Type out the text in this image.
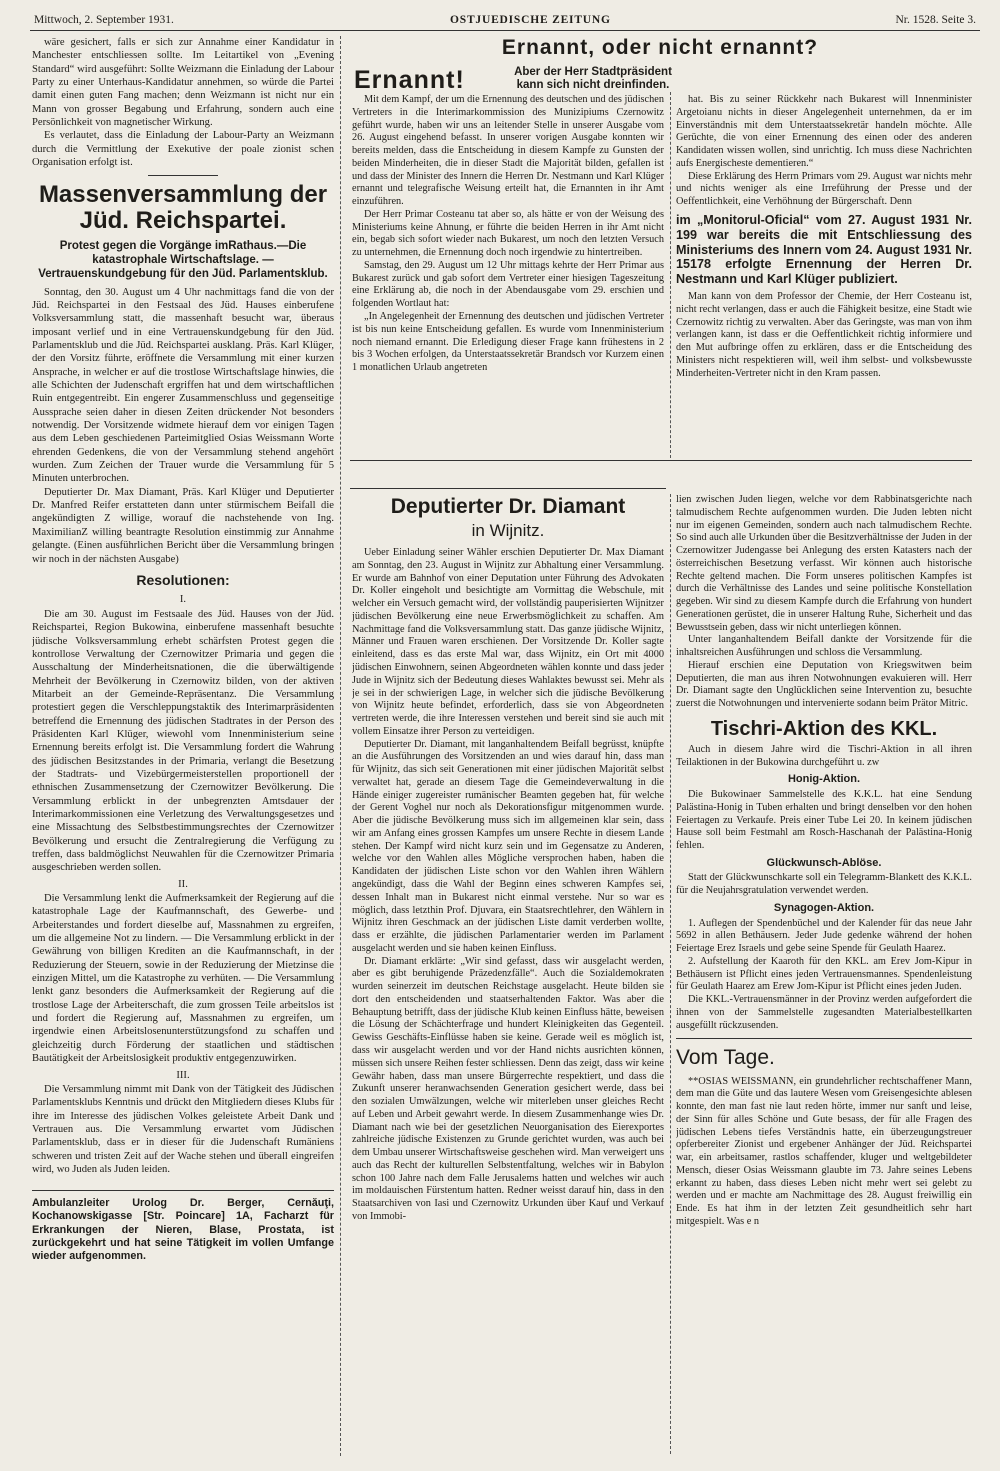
Mittwoch, 2. September 1931.	OSTJUEDISCHE ZEITUNG	Nr. 1528. Seite 3.

wäre gesichert, falls er sich zur Annahme einer Kandidatur in Manchester entschliessen sollte. Im Leitartikel von „Evening Standard“ wird ausgeführt: Sollte Weizmann die Einladung der Labour Party zu einer Unterhaus-Kandidatur annehmen, so würde die Partei damit einen guten Fang machen; denn Weizmann ist nicht nur ein Mann von grosser Begabung und Erfahrung, sondern auch eine Persönlichkeit von magnetischer Wirkung.

Es verlautet, dass die Einladung der Labour-Party an Weizmann durch die Vermittlung der Exekutive der poale zionist schen Organisation erfolgt ist.

Massenversammlung der Jüd. Reichspartei.
Protest gegen die Vorgänge imRathaus.—Die katastrophale Wirtschaftslage. — Vertrauenskundgebung für den Jüd. Parlamentsklub.

Sonntag, den 30. August um 4 Uhr nachmittags fand die von der Jüd. Reichspartei in den Festsaal des Jüd. Hauses einberufene Volksversammlung statt, die massenhaft besucht war, überaus imposant verlief und in eine Vertrauenskundgebung für den Jüd. Parlamentsklub und die Jüd. Reichspartei ausklang. Präs. Karl Klüger, der den Vorsitz führte, eröffnete die Versammlung mit einer kurzen Ansprache, in welcher er auf die trostlose Wirtschaftslage hinwies, die alle Schichten der Judenschaft ergriffen hat und dem wirtschaftlichen Ruin entgegentreibt. Ein engerer Zusammenschluss und gegenseitige Aussprache seien daher in diesen Zeiten drückender Not besonders notwendig. Der Vorsitzende widmete hierauf dem vor einigen Tagen aus dem Leben geschiedenen Parteimitglied Osias Weissmann Worte ehrenden Gedenkens, die von der Versammlung stehend angehört wurden. Zum Zeichen der Trauer wurde die Versammlung für 5 Minuten unterbrochen.

Deputierter Dr. Max Diamant, Präs. Karl Klüger und Deputierter Dr. Manfred Reifer erstatteten dann unter stürmischem Beifall die angekündigten Z willige, worauf die nachstehende von Ing. MaximilianZ willing beantragte Resolution einstimmig zur Annahme gelangte. (Einen ausführlichen Bericht über die Versammlung bringen wir noch in der nächsten Ausgabe)

Resolutionen:

I.

Die am 30. August im Festsaale des Jüd. Hauses von der Jüd. Reichspartei, Region Bukowina, einberufene massenhaft besuchte jüdische Volksversammlung erhebt schärfsten Protest gegen die kontrollose Verwaltung der Czernowitzer Primaria und gegen die Ausschaltung der Minderheitsnationen, die die überwältigende Mehrheit der Bevölkerung in Czernowitz bilden, von der aktiven Mitarbeit an der Gemeinde-Repräsentanz. Die Versammlung protestiert gegen die Verschleppungstaktik des Interimarpräsidenten betreffend die Ernennung des jüdischen Stadtrates in der Person des Präsidenten Karl Klüger, wiewohl vom Innenministerium seine Ernennung bereits erfolgt ist. Die Versammlung fordert die Wahrung des jüdischen Besitzstandes in der Primaria, verlangt die Besetzung der Stadtrats- und Vizebürgermeisterstellen proportionell der ethnischen Zusammensetzung der Czernowitzer Bevölkerung. Die Versammlung erblickt in der unbegrenzten Amtsdauer der Interimarkommissionen eine Verletzung des Verwaltungsgesetzes und eine Missachtung des Selbstbestimmungsrechtes der Czernowitzer Bevölkerung und ersucht die Zentralregierung die Verfügung zu treffen, dass baldmöglichst Neuwahlen für die Czernowitzer Primaria ausgeschrieben werden sollen.

II.

Die Versammlung lenkt die Aufmerksamkeit der Regierung auf die katastrophale Lage der Kaufmannschaft, des Gewerbe- und Arbeiterstandes und fordert dieselbe auf, Massnahmen zu ergreifen, um die allgemeine Not zu lindern. — Die Versammlung erblickt in der Gewährung von billigen Krediten an die Kaufmannschaft, in der Reduzierung der Steuern, sowie in der Reduzierung der Mietzinse die einzigen Mittel, um die Katastrophe zu verhüten. — Die Versammlung lenkt ganz besonders die Aufmerksamkeit der Regierung auf die trostlose Lage der Arbeiterschaft, die zum grossen Teile arbeitslos ist und fordert die Regierung auf, Massnahmen zu ergreifen, um irgendwie einen Arbeitslosenunterstützungsfond zu schaffen und gleichzeitig durch Förderung der staatlichen und städtischen Bautätigkeit der Arbeitslosigkeit produktiv entgegenzuwirken.

III.

Die Versammlung nimmt mit Dank von der Tätigkeit des Jüdischen Parlamentsklubs Kenntnis und drückt den Mitgliedern dieses Klubs für ihre im Interesse des jüdischen Volkes geleistete Arbeit Dank und Vertrauen aus. Die Versammlung erwartet vom Jüdischen Parlamentsklub, dass er in dieser für die Judenschaft Rumäniens schweren und tristen Zeit auf der Wache stehen und überall eingreifen wird, wo Juden als Juden leiden.

Ambulanzleiter Urolog Dr. Berger, Cernăuţi, Kochanowskigasse [Str. Poincare] 1A, Facharzt für Erkrankungen der Nieren, Blase, Prostata, ist zurückgekehrt und hat seine Tätigkeit im vollen Umfange wieder aufgenommen.

Ernannt, oder nicht ernannt?
Ernannt!	Aber der Herr Stadtpräsident kann sich nicht dreinfinden.

Mit dem Kampf, der um die Ernennung des deutschen und des jüdischen Vertreters in die Interimarkommission des Munizipiums Czernowitz geführt wurde, haben wir uns an leitender Stelle in unserer Ausgabe vom 26. August eingehend befasst. In unserer vorigen Ausgabe konnten wir bereits melden, dass die Entscheidung in diesem Kampfe zu Gunsten der beiden Minderheiten, die in dieser Stadt die Majorität bilden, gefallen ist und dass der Minister des Innern die Herren Dr. Nestmann und Karl Klüger ernannt und telegrafische Weisung erteilt hat, die Ernannten in ihr Amt einzuführen.

Der Herr Primar Costeanu tat aber so, als hätte er von der Weisung des Ministeriums keine Ahnung, er führte die beiden Herren in ihr Amt nicht ein, begab sich sofort wieder nach Bukarest, um noch den letzten Versuch zu unternehmen, die Ernennung doch noch irgendwie zu hintertreiben.

Samstag, den 29. August um 12 Uhr mittags kehrte der Herr Primar aus Bukarest zurück und gab sofort dem Vertreter einer hiesigen Tageszeitung eine Erklärung ab, die noch in der Abendausgabe vom 29. erschien und folgenden Wortlaut hat:

„In Angelegenheit der Ernennung des deutschen und jüdischen Vertreter ist bis nun keine Entscheidung gefallen. Es wurde vom Innenministerium noch niemand ernannt. Die Erledigung dieser Frage kann frühestens in 2 bis 3 Wochen erfolgen, da Unterstaatssekretär Brandsch vor Kurzem einen 1 monatlichen Urlaub angetreten

hat. Bis zu seiner Rückkehr nach Bukarest will Innenminister Argetoianu nichts in dieser Angelegenheit unternehmen, da er im Einverständnis mit dem Unterstaatssekretär handeln möchte. Alle Gerüchte, die von einer Ernennung des einen oder des anderen Kandidaten wissen wollen, sind unrichtig. Ich muss diese Nachrichten aufs Energischeste dementieren.“

Diese Erklärung des Herrn Primars vom 29. August war nichts mehr und nichts weniger als eine Irreführung der Presse und der Oeffentlichkeit, eine Verhöhnung der Bürgerschaft. Denn

im „Monitorul-Oficial“ vom 27. August 1931 Nr. 199 war bereits die mit Entschliessung des Ministeriums des Innern vom 24. August 1931 Nr. 15178 erfolgte Ernennung der Herren Dr. Nestmann und Karl Klüger publiziert.

Man kann von dem Professor der Chemie, der Herr Costeanu ist, nicht recht verlangen, dass er auch die Fähigkeit besitze, eine Stadt wie Czernowitz richtig zu verwalten. Aber das Geringste, was man von ihm verlangen kann, ist dass er die Oeffentlichkeit richtig informiere und den Mut aufbringe offen zu erklären, dass er die Entscheidung des Ministers nicht respektieren will, weil ihm selbst- und volksbewusste Minderheiten-Vertreter nicht in den Kram passen.

Deputierter Dr. Diamant
in Wijnitz.

Ueber Einladung seiner Wähler erschien Deputierter Dr. Max Diamant am Sonntag, den 23. August in Wijnitz zur Abhaltung einer Versammlung. Er wurde am Bahnhof von einer Deputation unter Führung des Advokaten Dr. Koller eingeholt und besichtigte am Vormittag die Webschule, mit welcher ein Versuch gemacht wird, der vollständig pauperisierten Wijnitzer jüdischen Bevölkerung eine neue Erwerbsmöglichkeit zu schaffen. Am Nachmittage fand die Volksversammlung statt. Das ganze jüdische Wijnitz, Männer und Frauen waren erschienen. Der Vorsitzende Dr. Koller sagte einleitend, dass es das erste Mal war, dass Wijnitz, ein Ort mit 4000 jüdischen Einwohnern, seinen Abgeordneten wählen konnte und dass jeder Jude in Wijnitz sich der Bedeutung dieses Wahlaktes bewusst sei. Mehr als je sei in der schwierigen Lage, in welcher sich die jüdische Bevölkerung von Wijnitz heute befindet, erforderlich, dass sie von Abgeordneten vertreten werde, die ihre Interessen verstehen und bereit sind sie auch mit vollem Einsatze ihrer Person zu verteidigen.

Deputierter Dr. Diamant, mit langanhaltendem Beifall begrüsst, knüpfte an die Ausführungen des Vorsitzenden an und wies darauf hin, dass man für Wijnitz, das sich seit Generationen mit einer jüdischen Majorität selbst verwaltet hat, gerade an diesem Tage die Gemeindeverwaltung in die Hände einiger zugereister rumänischer Beamten gegeben hat, für welche der Gerent Voghel nur noch als Dekorationsfigur mitgenommen wurde. Aber die jüdische Bevölkerung muss sich im allgemeinen klar sein, dass wir am Anfang eines grossen Kampfes um unsere Rechte in diesem Lande stehen. Der Kampf wird nicht kurz sein und im Gegensatze zu Anderen, welche vor den Wahlen alles Mögliche versprochen haben, haben die Kandidaten der jüdischen Liste schon vor den Wahlen ihren Wählern angekündigt, dass die Wahl der Beginn eines schweren Kampfes sei, dessen Inhalt man in Bukarest nicht einmal verstehe. Nur so war es möglich, dass letzthin Prof. Djuvara, ein Staatsrechtlehrer, den Wählern in Wijnitz ihren Geschmack an der jüdischen Liste damit verderben wollte, dass er erzählte, die jüdischen Parlamentarier werden im Parlament ausgelacht werden und sie haben keinen Einfluss.

Dr. Diamant erklärte: „Wir sind gefasst, dass wir ausgelacht werden, aber es gibt beruhigende Präzedenzfälle“. Auch die Sozialdemokraten wurden seinerzeit im deutschen Reichstage ausgelacht. Heute bilden sie dort den entscheidenden und staatserhaltenden Faktor. Was aber die Behauptung betrifft, dass der jüdische Klub keinen Einfluss hätte, beweisen die Lösung der Schächterfrage und hundert Kleinigkeiten das Gegenteil. Gewiss Geschäfts-Einflüsse haben sie keine. Gerade weil es möglich ist, dass wir ausgelacht werden und vor der Hand nichts ausrichten können, müssen sich unsere Reihen fester schliessen. Denn das zeigt, dass wir keine Gewähr haben, dass man unsere Bürgerrechte respektiert, und dass die Zukunft unserer heranwachsenden Generation gesichert werde, dass bei den sozialen Umwälzungen, welche wir miterleben unser gleiches Recht auf Leben und Arbeit gewahrt werde. In diesem Zusammenhange wies Dr. Diamant nach wie bei der gesetzlichen Neuorganisation des Eierexportes zahlreiche jüdische Existenzen zu Grunde gerichtet wurden, was auch bei dem Umbau unserer Wirtschaftsweise geschehen wird. Man verweigert uns auch das Recht der kulturellen Selbstentfaltung, welches wir in Babylon schon 100 Jahre nach dem Falle Jerusalems hatten und welches wir auch im moldauischen Fürstentum hatten. Redner weisst darauf hin, dass in den Staatsarchiven von Iasi und Czernowitz Urkunden über Kauf und Verkauf von Immobi-

lien zwischen Juden liegen, welche vor dem Rabbinatsgerichte nach talmudischem Rechte aufgenommen wurden. Die Juden lebten nicht nur im eigenen Gemeinden, sondern auch nach talmudischem Rechte. So sind auch alle Urkunden über die Besitzverhältnisse der Juden in der Czernowitzer Judengasse bei Anlegung des ersten Katasters nach der österreichischen Besetzung verfasst. Wir können auch historische Rechte geltend machen. Die Form unseres politischen Kampfes ist durch die Verhältnisse des Landes und seine politische Konstellation gegeben. Wir sind zu diesem Kampfe durch die Erfahrung von hundert Generationen gerüstet, die in unserer Haltung Ruhe, Sicherheit und das Bewusstsein geben, dass wir nicht unterliegen können.

Unter langanhaltendem Beifall dankte der Vorsitzende für die inhaltsreichen Ausführungen und schloss die Versammlung.

Hierauf erschien eine Deputation von Kriegswitwen beim Deputierten, die man aus ihren Notwohnungen evakuieren will. Herr Dr. Diamant sagte den Unglücklichen seine Intervention zu, besuchte zuerst die Notwohnungen und intervenierte sodann beim Prätor Mitric.

Tischri-Aktion des KKL.

Auch in diesem Jahre wird die Tischri-Aktion in all ihren Teilaktionen in der Bukowina durchgeführt u. zw

Honig-Aktion.

Die Bukowinaer Sammelstelle des K.K.L. hat eine Sendung Palästina-Honig in Tuben erhalten und bringt denselben vor den hohen Feiertagen zu Verkaufe. Preis einer Tube Lei 20. In keinem jüdischen Hause soll beim Festmahl am Rosch-Haschanah der Palästina-Honig fehlen.

Glückwunsch-Ablöse.

Statt der Glückwunschkarte soll ein Telegramm-Blankett des K.K.L. für die Neujahrsgratulation verwendet werden.

Synagogen-Aktion.

1. Auflegen der Spendenbüchel und der Kalender für das neue Jahr 5692 in allen Bethäusern. Jeder Jude gedenke während der hohen Feiertage Erez Israels und gebe seine Spende für Geulath Haarez.

2. Aufstellung der Kaaroth für den KKL. am Erev Jom-Kipur in Bethäusern ist Pflicht eines jeden Vertrauensmannes. Spendenleistung für Geulath Haarez am Erew Jom-Kipur ist Pflicht eines jeden Juden.

Die KKL.-Vertrauensmänner in der Provinz werden aufgefordert die ihnen von der Sammelstelle zugesandten Materialbestellkarten ausgefüllt rückzusenden.

Vom Tage.

**OSIAS WEISSMANN, ein grundehrlicher rechtschaffener Mann, dem man die Güte und das lautere Wesen vom Greisengesichte ablesen konnte, den man fast nie laut reden hörte, immer nur sanft und leise, der Sinn für alles Schöne und Gute besass, der für alle Fragen des jüdischen Lebens tiefes Verständnis hatte, ein überzeugungstreuer opferbereiter Zionist und ergebener Anhänger der Jüd. Reichspartei war, ein arbeitsamer, rastlos schaffender, kluger und weltgebildeter Mensch, dieser Osias Weissmann glaubte im 73. Jahre seines Lebens erkannt zu haben, dass dieses Leben nicht mehr wert sei gelebt zu werden und er machte am Nachmittage des 28. August freiwillig ein Ende. Es hat ihm in der letzten Zeit gesundheitlich sehr hart mitgespielt. Was e n
